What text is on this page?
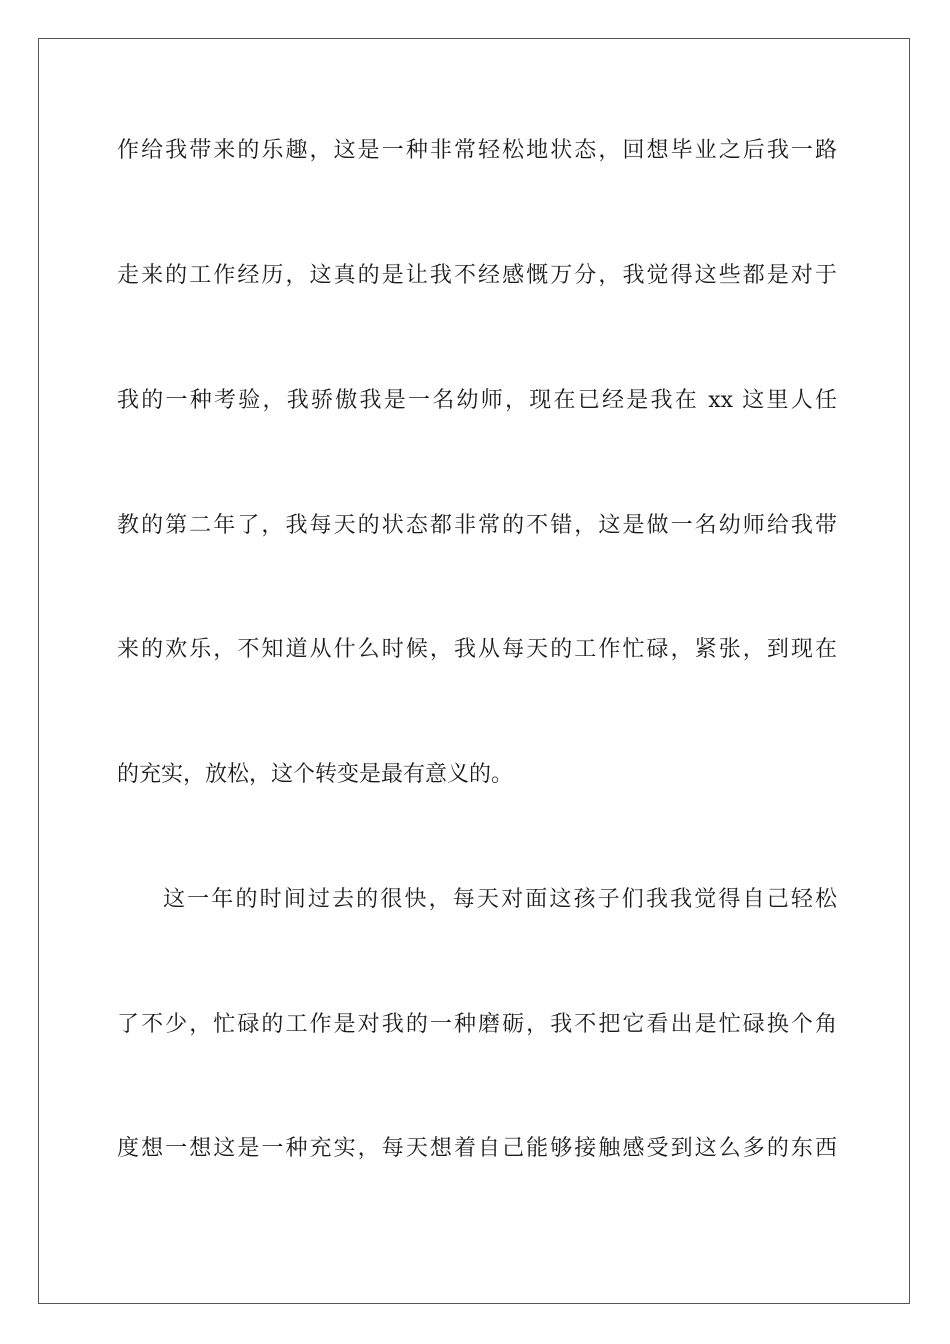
作给我带来的乐趣，这是一种非常轻松地状态，回想毕业之后我一路
走来的工作经历，这真的是让我不经感慨万分，我觉得这些都是对于
我的一种考验，我骄傲我是一名幼师，现在已经是我在 xx 这里人任
教的第二年了，我每天的状态都非常的不错，这是做一名幼师给我带
来的欢乐，不知道从什么时候，我从每天的工作忙碌，紧张，到现在
的充实，放松，这个转变是最有意义的。
这一年的时间过去的很快，每天对面这孩子们我我觉得自己轻松
了不少，忙碌的工作是对我的一种磨砺，我不把它看出是忙碌换个角
度想一想这是一种充实，每天想着自己能够接触感受到这么多的东西
